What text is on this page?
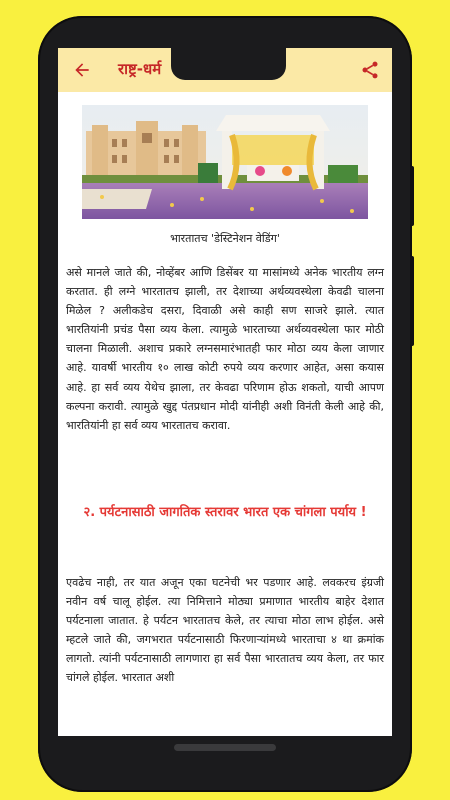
राष्ट्र-धर्म
भारतातच 'डेस्टिनेशन वेडिंग'

असे मानले जाते की, नोव्हेंबर आणि डिसेंबर या मासांमध्ये अनेक भारतीय लग्न करतात. ही लग्ने भारतातच झाली, तर देशाच्या अर्थव्यवस्थेला केवढी चालना मिळेल ? अलीकडेच दसरा, दिवाळी असे काही सण साजरे झाले. त्यात भारतियांनी प्रचंड पैसा व्यय केला. त्यामुळे भारताच्या अर्थव्यवस्थेला फार मोठी चालना मिळाली. अशाच प्रकारे लग्नसमारंभातही फार मोठा व्यय केला जाणार आहे. यावर्षी भारतीय १० लाख कोटी रुपये व्यय करणार आहेत, असा कयास आहे. हा सर्व व्यय येथेच झाला, तर केवढा परिणाम होऊ शकतो, याची आपण कल्पना करावी. त्यामुळे खुद्द पंतप्रधान मोदी यांनीही अशी विनंती केली आहे की, भारतियांनी हा सर्व व्यय भारतातच करावा.

२. पर्यटनासाठी जागतिक स्तरावर भारत एक चांगला पर्याय !

एवढेच नाही, तर यात अजून एका घटनेची भर पडणार आहे. लवकरच इंग्रजी नवीन वर्ष चालू होईल. त्या निमित्ताने मोठ्या प्रमाणात भारतीय बाहेर देशात पर्यटनाला जातात. हे पर्यटन भारतातच केले, तर त्याचा मोठा लाभ होईल. असे म्हटले जाते की, जगभरात पर्यटनासाठी फिरणाऱ्यांमध्ये भारताचा ४ था क्रमांक लागतो. त्यांनी पर्यटनासाठी लागणारा हा सर्व पैसा भारतातच व्यय केला, तर फार चांगले होईल. भारतात अशी
